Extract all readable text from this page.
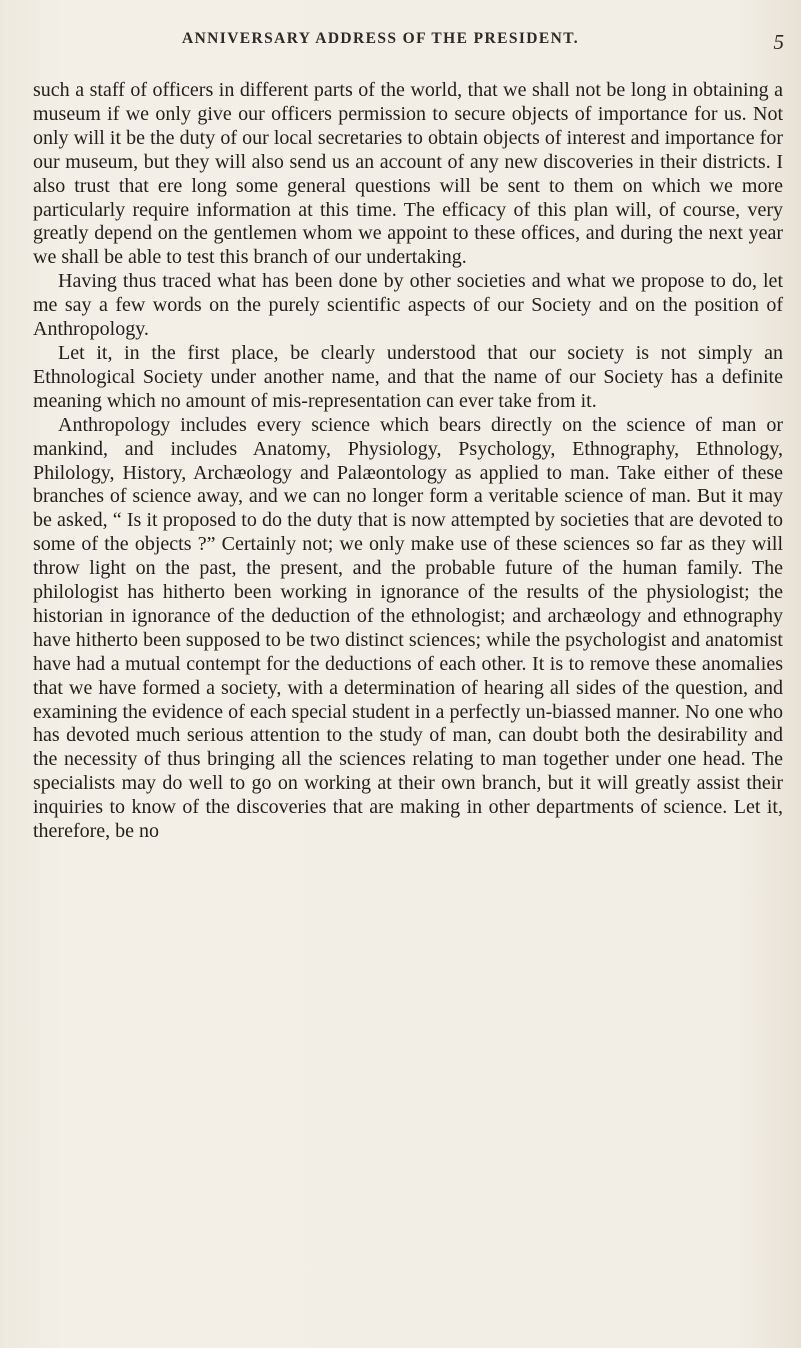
ANNIVERSARY ADDRESS OF THE PRESIDENT.	5

such a staff of officers in different parts of the world, that we shall not be long in obtaining a museum if we only give our officers permission to secure objects of importance for us. Not only will it be the duty of our local secretaries to obtain objects of interest and importance for our museum, but they will also send us an account of any new discoveries in their districts. I also trust that ere long some general questions will be sent to them on which we more particularly require information at this time. The efficacy of this plan will, of course, very greatly depend on the gentlemen whom we appoint to these offices, and during the next year we shall be able to test this branch of our undertaking.

Having thus traced what has been done by other societies and what we propose to do, let me say a few words on the purely scientific aspects of our Society and on the position of Anthropology.

Let it, in the first place, be clearly understood that our society is not simply an Ethnological Society under another name, and that the name of our Society has a definite meaning which no amount of mis-representation can ever take from it.

Anthropology includes every science which bears directly on the science of man or mankind, and includes Anatomy, Physiology, Psychology, Ethnography, Ethnology, Philology, History, Archæology and Palæontology as applied to man. Take either of these branches of science away, and we can no longer form a veritable science of man. But it may be asked, “ Is it proposed to do the duty that is now attempted by societies that are devoted to some of the objects ?” Certainly not; we only make use of these sciences so far as they will throw light on the past, the present, and the probable future of the human family. The philologist has hitherto been working in ignorance of the results of the physiologist; the historian in ignorance of the deduction of the ethnologist; and archæology and ethnography have hitherto been supposed to be two distinct sciences; while the psychologist and anatomist have had a mutual contempt for the deductions of each other. It is to remove these anomalies that we have formed a society, with a determination of hearing all sides of the question, and examining the evidence of each special student in a perfectly un-biassed manner. No one who has devoted much serious attention to the study of man, can doubt both the desirability and the necessity of thus bringing all the sciences relating to man together under one head. The specialists may do well to go on working at their own branch, but it will greatly assist their inquiries to know of the discoveries that are making in other departments of science. Let it, therefore, be no
